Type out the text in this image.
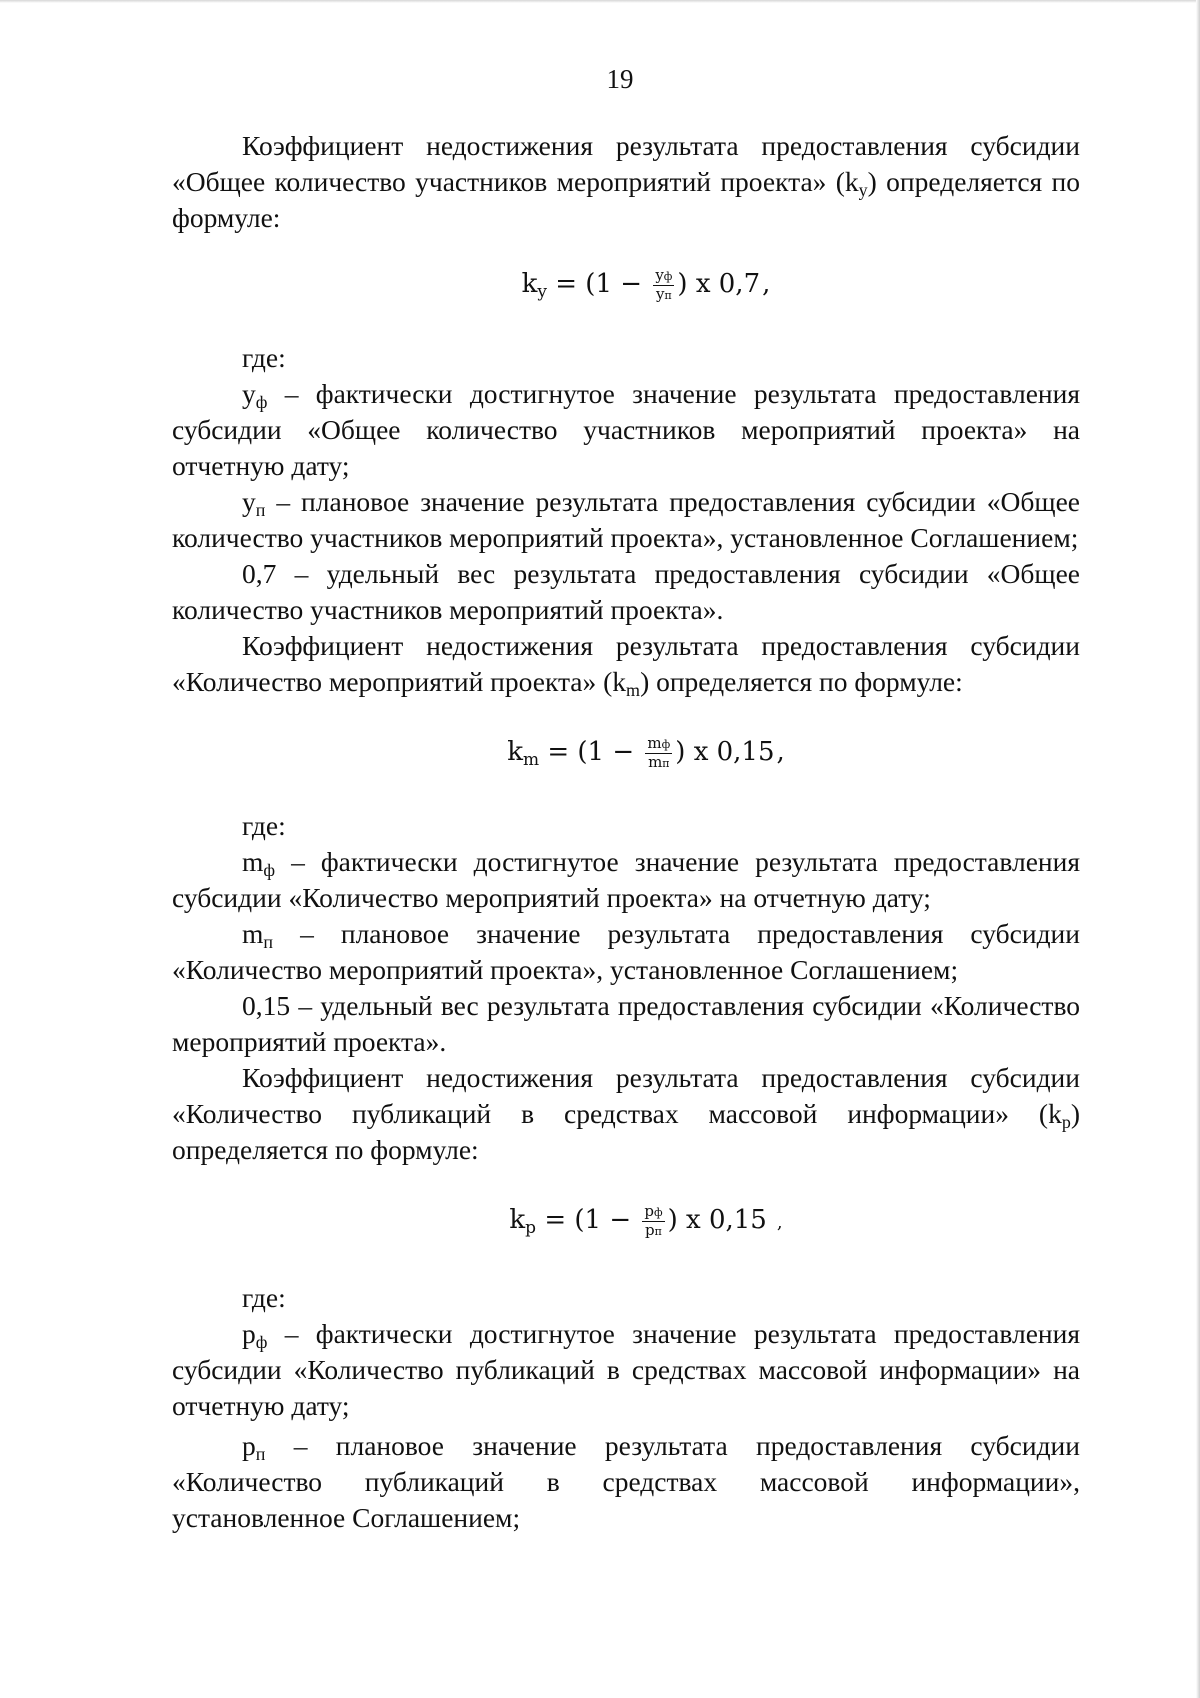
19

Коэффициент недостижения результата предоставления субсидии «Общее количество участников мероприятий проекта» $(k_y)$ определяется по формуле:

$k_y = (1 - \frac{yф}{yп}$ ) x 0,7,

где:

$y_ф$ – фактически достигнутое значение результата предоставления субсидии «Общее количество участников мероприятий проекта» на отчетную дату;

$y_п$ – плановое значение результата предоставления субсидии «Общее количество участников мероприятий проекта», установленное Соглашением;

0,7 – удельный вес результата предоставления субсидии «Общее количество участников мероприятий проекта».

Коэффициент недостижения результата предоставления субсидии «Количество мероприятий проекта» $(k_m)$ определяется по формуле:

$k_m = (1 - \frac{mф}{mп}$ ) x 0,15,

где:

$m_ф$ – фактически достигнутое значение результата предоставления субсидии «Количество мероприятий проекта» на отчетную дату;

$m_п$ – плановое значение результата предоставления субсидии «Количество мероприятий проекта», установленное Соглашением;

0,15 – удельный вес результата предоставления субсидии «Количество мероприятий проекта».

Коэффициент недостижения результата предоставления субсидии «Количество публикаций в средствах массовой информации» $(k_p)$ определяется по формуле:

$k_p = (1 - \frac{pф}{pп}$ ) x 0,15 ,

где:

$p_ф$ – фактически достигнутое значение результата предоставления субсидии «Количество публикаций в средствах массовой информации» на отчетную дату;

$p_п$ – плановое значение результата предоставления субсидии «Количество публикаций в средствах массовой информации», установленное Соглашением;
